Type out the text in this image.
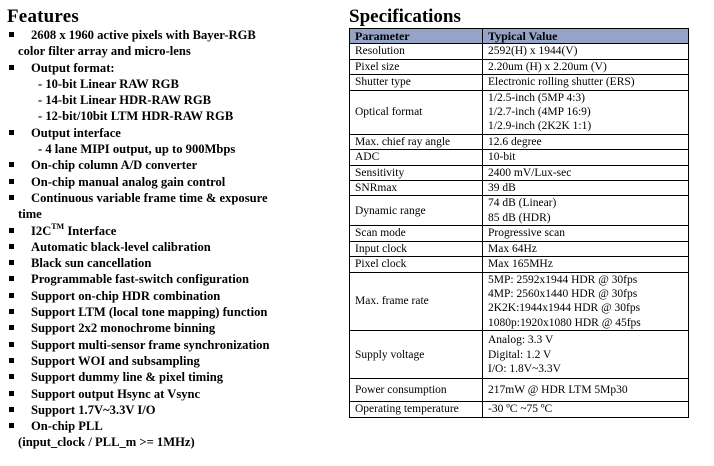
Features
2608 x 1960 active pixels with Bayer-RGB
color filter array and micro-lens
Output format:
- 10-bit Linear RAW RGB
- 14-bit Linear HDR-RAW RGB
- 12-bit/10bit LTM HDR-RAW RGB
Output interface
- 4 lane MIPI output, up to 900Mbps
On-chip column A/D converter
On-chip manual analog gain control
Continuous variable frame time & exposure
time
I2C™ Interface
Automatic black-level calibration
Black sun cancellation
Programmable fast-switch configuration
Support on-chip HDR combination
Support LTM (local tone mapping) function
Support 2x2 monochrome binning
Support multi-sensor frame synchronization
Support WOI and subsampling
Support dummy line & pixel timing
Support output Hsync at Vsync
Support 1.7V~3.3V I/O
On-chip PLL
(input_clock / PLL_m >= 1MHz)
Specifications
Parameter	Typical Value
Resolution	2592(H) x 1944(V)

Pixel size	2.20um (H) x 2.20um (V)

Shutter type	Electronic rolling shutter (ERS)

Optical format	1/2.5-inch (5MP 4:3)
1/2.7-inch (4MP 16:9)
1/2.9-inch (2K2K 1:1)

Max. chief ray angle	12.6 degree

ADC	10-bit

Sensitivity	2400 mV/Lux-sec

SNRmax	39 dB

Dynamic range	74 dB (Linear)
85 dB (HDR)

Scan mode	Progressive scan

Input clock	Max 64Hz

Pixel clock	Max 165MHz

Max. frame rate	5MP: 2592x1944 HDR @ 30fps
4MP: 2560x1440 HDR @ 30fps
2K2K:1944x1944 HDR @ 30fps
1080p:1920x1080 HDR @ 45fps

Supply voltage	Analog: 3.3 V
Digital: 1.2 V
I/O: 1.8V~3.3V

Power consumption	217mW @ HDR LTM 5Mp30

Operating temperature	-30 ºC ~75 ºC
